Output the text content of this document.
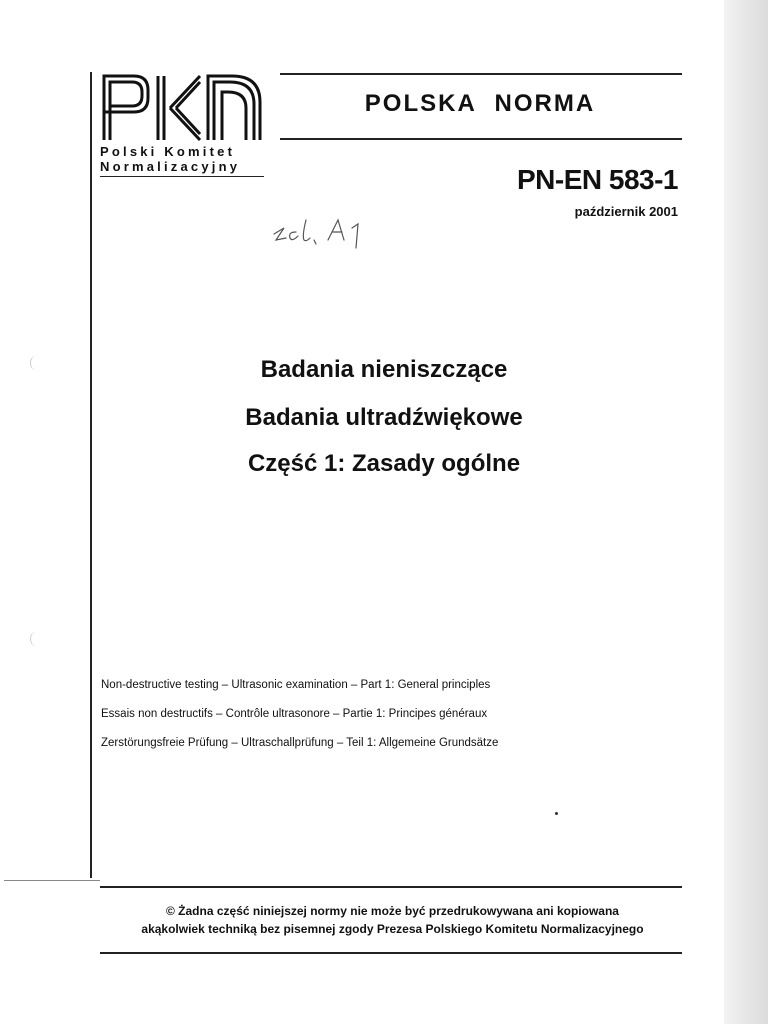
Polski Komitet
Normalizacyjny
POLSKA NORMA
PN-EN 583-1
październik 2001
Badania nieniszczące
Badania ultradźwiękowe
Część 1: Zasady ogólne
Non-destructive testing – Ultrasonic examination – Part 1: General principles
Essais non destructifs – Contrôle ultrasonore – Partie 1: Principes généraux
Zerstörungsfreie Prüfung – Ultraschallprüfung – Teil 1: Allgemeine Grundsätze
© Żadna część niniejszej normy nie może być przedrukowywana ani kopiowana
akąkolwiek techniką bez pisemnej zgody Prezesa Polskiego Komitetu Normalizacyjnego
